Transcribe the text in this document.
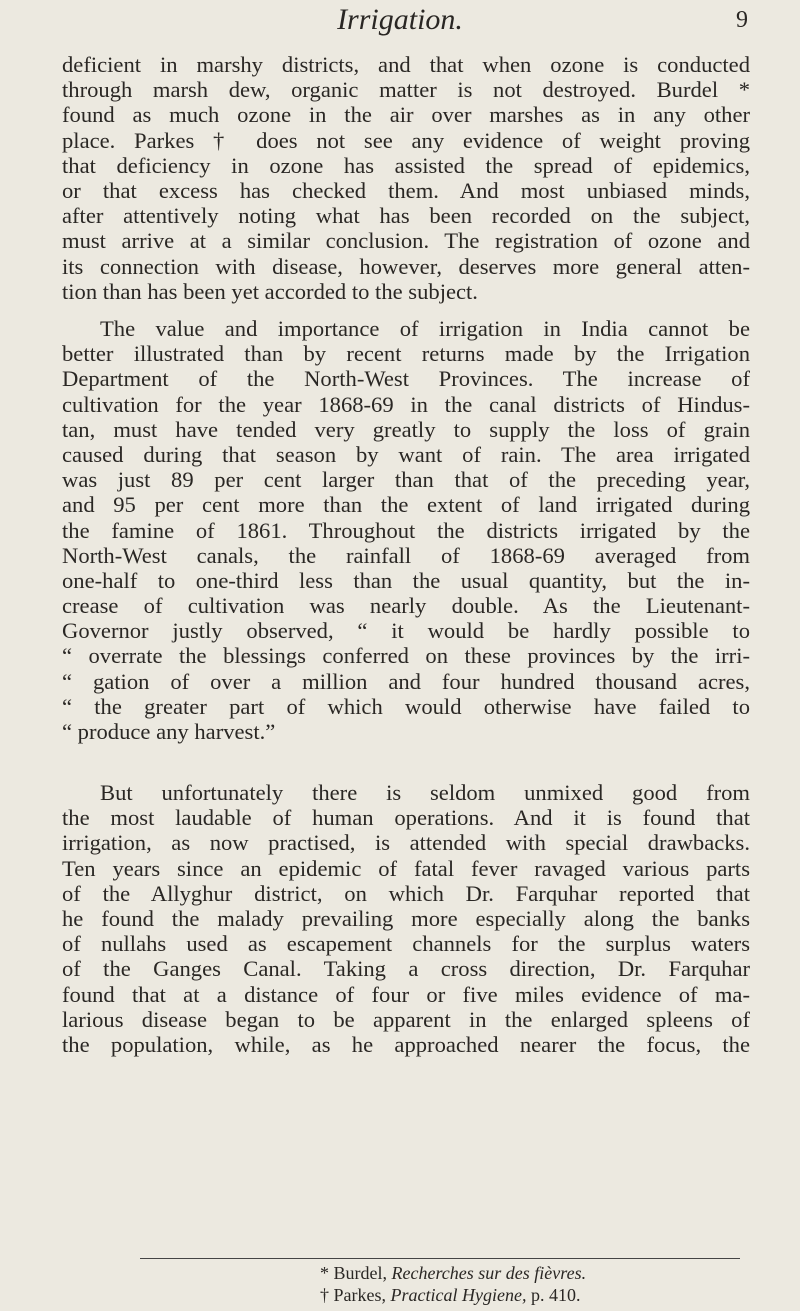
Irrigation.	9
deficient in marshy districts, and that when ozone is conducted
through marsh dew, organic matter is not destroyed. Burdel *
found as much ozone in the air over marshes as in any other
place. Parkes † does not see any evidence of weight proving
that deficiency in ozone has assisted the spread of epidemics,
or that excess has checked them. And most unbiased minds,
after attentively noting what has been recorded on the subject,
must arrive at a similar conclusion. The registration of ozone and
its connection with disease, however, deserves more general atten-
tion than has been yet accorded to the subject.
The value and importance of irrigation in India cannot be
better illustrated than by recent returns made by the Irrigation
Department of the North-West Provinces. The increase of
cultivation for the year 1868-69 in the canal districts of Hindus-
tan, must have tended very greatly to supply the loss of grain
caused during that season by want of rain. The area irrigated
was just 89 per cent larger than that of the preceding year,
and 95 per cent more than the extent of land irrigated during
the famine of 1861. Throughout the districts irrigated by the
North-West canals, the rainfall of 1868-69 averaged from
one-half to one-third less than the usual quantity, but the in-
crease of cultivation was nearly double. As the Lieutenant-
Governor justly observed, “ it would be hardly possible to
“ overrate the blessings conferred on these provinces by the irri-
“ gation of over a million and four hundred thousand acres,
“ the greater part of which would otherwise have failed to
“ produce any harvest.”
But unfortunately there is seldom unmixed good from
the most laudable of human operations. And it is found that
irrigation, as now practised, is attended with special drawbacks.
Ten years since an epidemic of fatal fever ravaged various parts
of the Allyghur district, on which Dr. Farquhar reported that
he found the malady prevailing more especially along the banks
of nullahs used as escapement channels for the surplus waters
of the Ganges Canal. Taking a cross direction, Dr. Farquhar
found that at a distance of four or five miles evidence of ma-
larious disease began to be apparent in the enlarged spleens of
the population, while, as he approached nearer the focus, the
* Burdel, Recherches sur des fièvres.
† Parkes, Practical Hygiene, p. 410.
